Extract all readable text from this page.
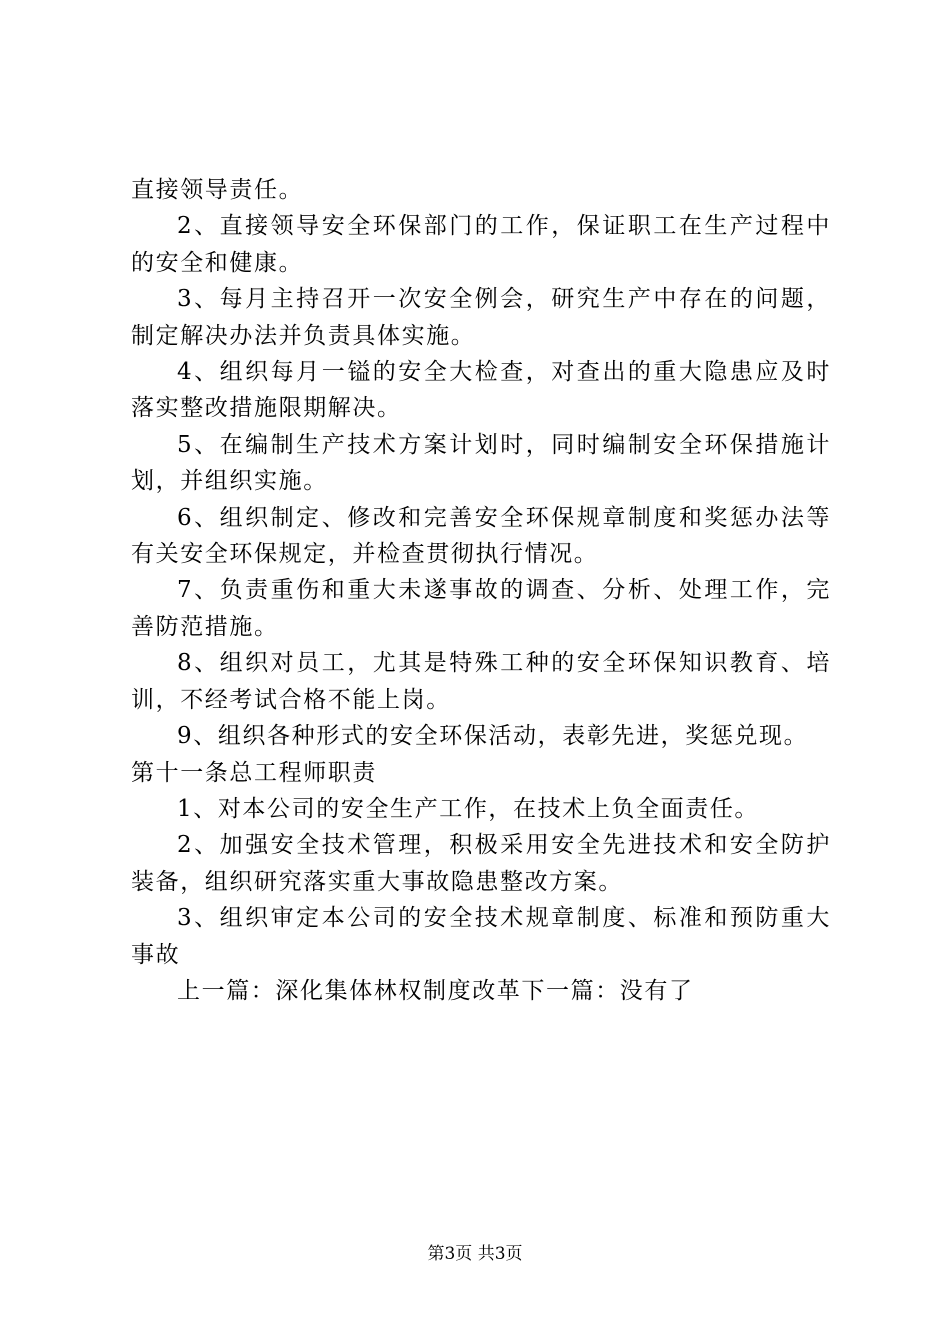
直接领导责任。

2、直接领导安全环保部门的工作，保证职工在生产过程中的安全和健康。

3、每月主持召开一次安全例会，研究生产中存在的问题，制定解决办法并负责具体实施。

4、组织每月一镒的安全大检查，对查出的重大隐患应及时落实整改措施限期解决。

5、在编制生产技术方案计划时，同时编制安全环保措施计划，并组织实施。

6、组织制定、修改和完善安全环保规章制度和奖惩办法等有关安全环保规定，并检查贯彻执行情况。

7、负责重伤和重大未遂事故的调查、分析、处理工作，完善防范措施。

8、组织对员工，尤其是特殊工种的安全环保知识教育、培训，不经考试合格不能上岗。

9、组织各种形式的安全环保活动，表彰先进，奖惩兑现。

第十一条总工程师职责

1、对本公司的安全生产工作，在技术上负全面责任。

2、加强安全技术管理，积极采用安全先进技术和安全防护装备，组织研究落实重大事故隐患整改方案。

3、组织审定本公司的安全技术规章制度、标准和预防重大事故

上一篇：深化集体林权制度改革下一篇：没有了

第3页 共3页
